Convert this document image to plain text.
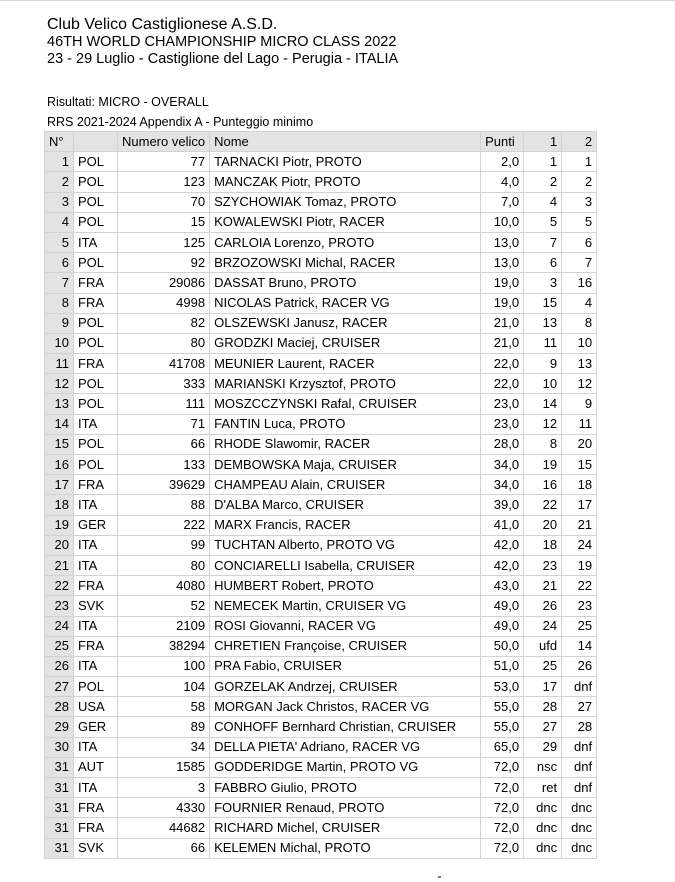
Club Velico Castiglionese A.S.D.
46TH WORLD CHAMPIONSHIP MICRO CLASS 2022
23 - 29 Luglio - Castiglione del Lago - Perugia - ITALIA
Risultati: MICRO - OVERALL
RRS 2021-2024 Appendix A - Punteggio minimo
N°		Numero velico	Nome	Punti	1	2
1	POL	77	TARNACKI Piotr, PROTO	2,0	1	1
2	POL	123	MANCZAK Piotr, PROTO	4,0	2	2
3	POL	70	SZYCHOWIAK Tomaz, PROTO	7,0	4	3
4	POL	15	KOWALEWSKI Piotr, RACER	10,0	5	5
5	ITA	125	CARLOIA Lorenzo, PROTO	13,0	7	6
6	POL	92	BRZOZOWSKI Michal, RACER	13,0	6	7
7	FRA	29086	DASSAT Bruno, PROTO	19,0	3	16
8	FRA	4998	NICOLAS Patrick, RACER VG	19,0	15	4
9	POL	82	OLSZEWSKI Janusz, RACER	21,0	13	8
10	POL	80	GRODZKI Maciej, CRUISER	21,0	11	10
11	FRA	41708	MEUNIER Laurent, RACER	22,0	9	13
12	POL	333	MARIANSKI Krzysztof, PROTO	22,0	10	12
13	POL	111	MOSZCCZYNSKI Rafal, CRUISER	23,0	14	9
14	ITA	71	FANTIN Luca, PROTO	23,0	12	11
15	POL	66	RHODE Slawomir, RACER	28,0	8	20
16	POL	133	DEMBOWSKA Maja, CRUISER	34,0	19	15
17	FRA	39629	CHAMPEAU Alain, CRUISER	34,0	16	18
18	ITA	88	D'ALBA Marco, CRUISER	39,0	22	17
19	GER	222	MARX Francis, RACER	41,0	20	21
20	ITA	99	TUCHTAN Alberto, PROTO VG	42,0	18	24
21	ITA	80	CONCIARELLI Isabella, CRUISER	42,0	23	19
22	FRA	4080	HUMBERT Robert, PROTO	43,0	21	22
23	SVK	52	NEMECEK Martin, CRUISER VG	49,0	26	23
24	ITA	2109	ROSI Giovanni, RACER VG	49,0	24	25
25	FRA	38294	CHRETIEN Françoise, CRUISER	50,0	ufd	14
26	ITA	100	PRA Fabio, CRUISER	51,0	25	26
27	POL	104	GORZELAK Andrzej, CRUISER	53,0	17	dnf
28	USA	58	MORGAN Jack Christos, RACER VG	55,0	28	27
29	GER	89	CONHOFF Bernhard Christian, CRUISER	55,0	27	28
30	ITA	34	DELLA PIETA' Adriano, RACER VG	65,0	29	dnf
31	AUT	1585	GODDERIDGE Martin, PROTO VG	72,0	nsc	dnf
31	ITA	3	FABBRO Giulio, PROTO	72,0	ret	dnf
31	FRA	4330	FOURNIER Renaud, PROTO	72,0	dnc	dnc
31	FRA	44682	RICHARD Michel, CRUISER	72,0	dnc	dnc
31	SVK	66	KELEMEN Michal, PROTO	72,0	dnc	dnc
